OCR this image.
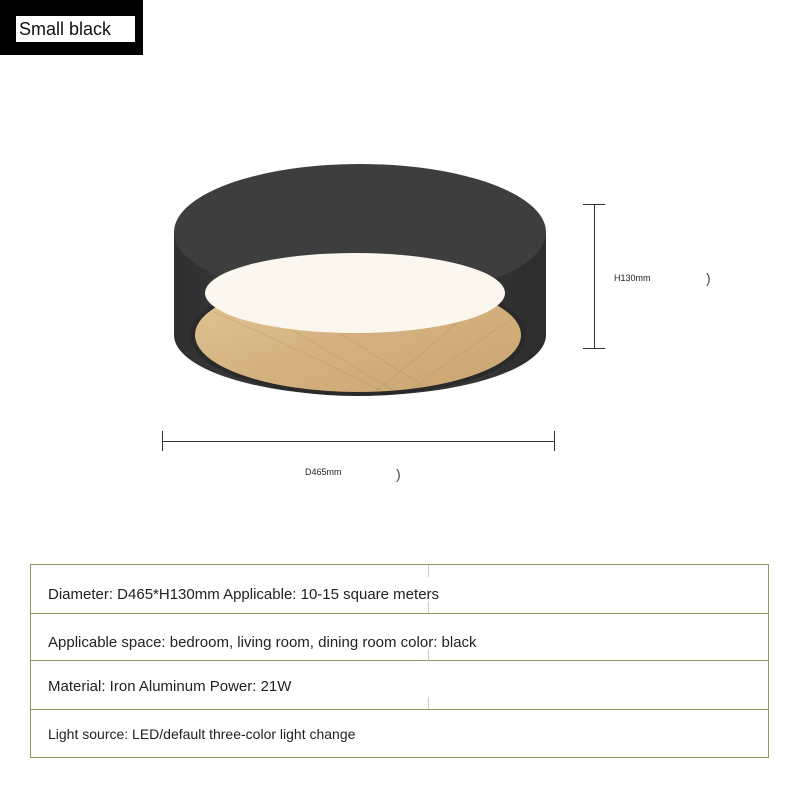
Small black
H130mm	)
D465mm	)
Diameter: D465*H130mm Applicable: 10-15 square meters
Applicable space: bedroom, living room, dining room color: black
Material: Iron Aluminum Power: 21W
Light source: LED/default three-color light change
